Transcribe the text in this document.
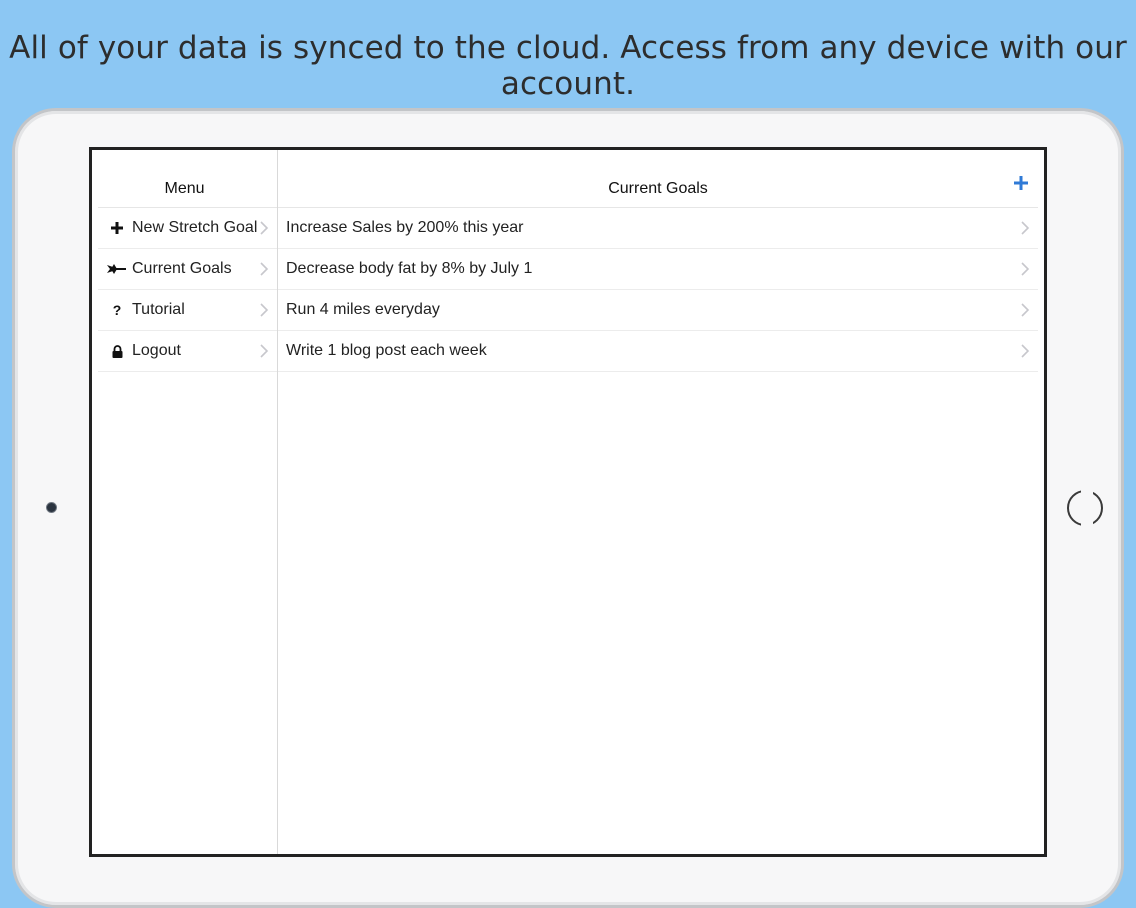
All of your data is synced to the cloud. Access from any device with our account.
Menu
New Stretch Goal
Current Goals
? Tutorial
Logout
Current Goals
Increase Sales by 200% this year
Decrease body fat by 8% by July 1
Run 4 miles everyday
Write 1 blog post each week
